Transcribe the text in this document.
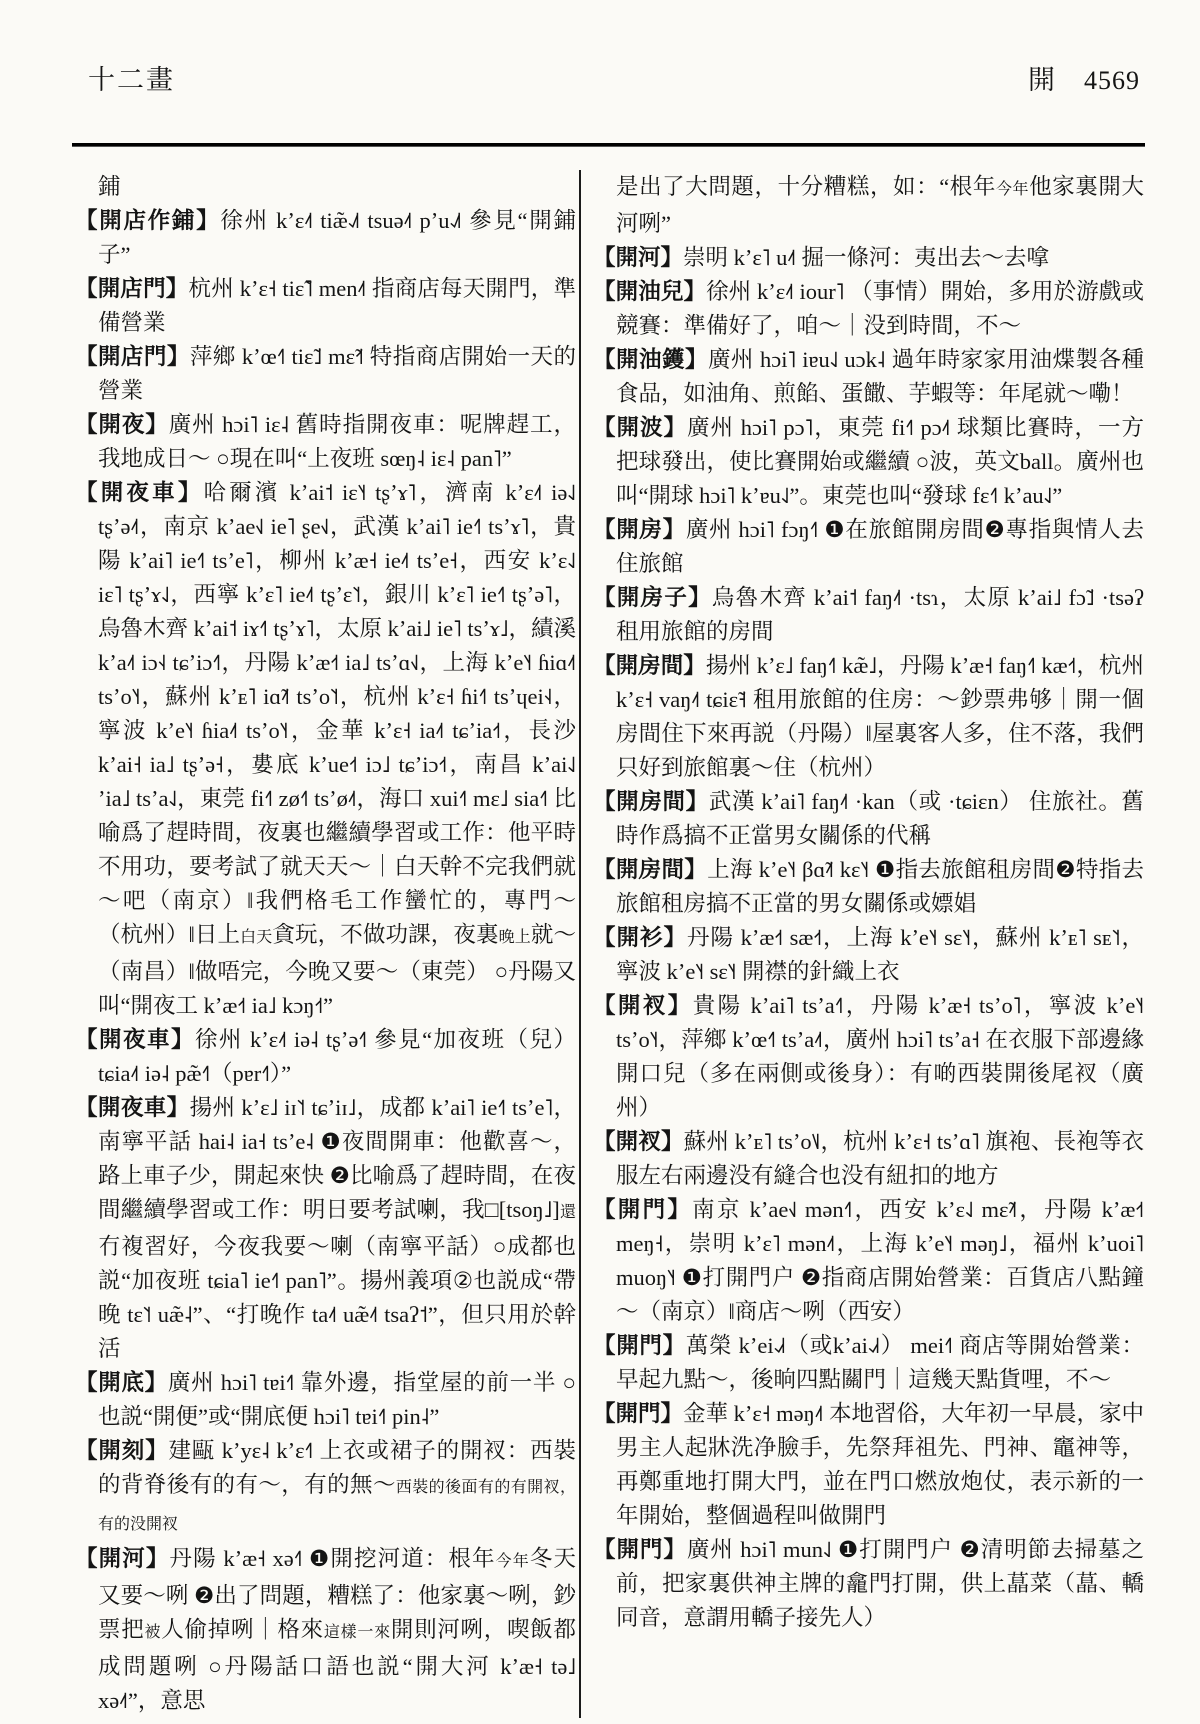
十二畫	開 4569

鋪

【開店作鋪】徐州 kʼɛ˨˦ tiæ̃˨˩˦ tsuə˨˦ pʼu˨˩˦ 參見“開鋪子”

【開店門】杭州 kʼɛ˧ tiɛ̃˥ men˨˦ 指商店每天開門，準備營業

【開店門】萍鄉 kʼœ˧˥ tiɛ̃˩ mɛ̃˧˦ 特指商店開始一天的營業

【開夜】廣州 hɔi˥ iɛ˨ 舊時指開夜車：呢牌趕工，我地成日～ ○現在叫“上夜班 sœŋ˨ iɛ˨ pan˥”

【開夜車】哈爾濱 kʼai˦ iɛ˥˧ tʂʼɤ˥，濟南 kʼɛ˨˦ iə˨˩ tʂʼə˨˦，南京 kʼae˧˩ ie˥ ʂe˧˩，武漢 kʼai˥ ie˧˥ tsʼɤ˥，貴陽 kʼai˥ ie˧˥ tsʼe˥，柳州 kʼæ˧ ie˨˦ tsʼe˧，西安 kʼɛ˨˩ iɛ˥ tʂʼɤ˨˩，西寧 kʼɛ˥ ie˨˦ tʂʼɛ˥˦，銀川 kʼɛ˥ ie˧˥ tʂʼə˥，烏魯木齊 kʼai˦ iɤ˧˥ tʂʼɤ˥，太原 kʼai˩ ie˥ tsʼɤ˩，績溪 kʼa˨˦ iɔ˧˨ tɕʼiɔ˧˥，丹陽 kʼæ˧˦ ia˩ tsʼɑ˧˩，上海 kʼe˥˧ ɦiɑ˨˦ tsʼo˥˧，蘇州 kʼᴇ˥ iɑ̃˨˦ tsʼo˥˦，杭州 kʼɛ˧ ɦi˧˥ tsʼɥei˧˨，寧波 kʼe˥˧ ɦia˨˦ tsʼo˥˧，金華 kʼɛ˧ ia˨˦ tɕʼia˧˦，長沙 kʼai˧ ia˩ tʂʼə˧，婁底 kʼue˧˦ iɔ˩ tɕʼiɔ˧˦，南昌 kʼai˨˩ ʼia˩ tsʼa˨˩，東莞 fi˧˥ zø˧˥ tsʼø˨˦，海口 xui˧˥ mɛ˩ sia˧˥ 比喻爲了趕時間，夜裏也繼續學習或工作：他平時不用功，要考試了就天天～｜白天幹不完我們就～吧（南京）‖我們格毛工作蠻忙的，專門～（杭州）‖日上白天貪玩，不做功課，夜裏晚上就～（南昌）‖做唔完，今晚又要～（東莞） ○丹陽又叫“開夜工 kʼæ˧˦ ia˩ kɔŋ˧˦”

【開夜車】徐州 kʼɛ˨˦ iə˨ tʂʼə˧˥ 參見“加夜班（兒）tɕia˨˦ iə˨ pæ̃˧˥（pɐr˧˥）”

【開夜車】揚州 kʼɛ˩ iɪ˥˦ tɕʼiɪ˩，成都 kʼai˥ ie˧˥ tsʼe˥，南寧平話 hai˨ ia˧ tsʼe˨ ❶夜間開車：他歡喜～，路上車子少，開起來快 ❷比喻爲了趕時間，在夜間繼續學習或工作：明日要考試喇，我□[tsoŋ˩]還冇複習好，今夜我要～喇（南寧平話）○成都也説“加夜班 tɕia˥ ie˧˥ pan˥”。揚州義項②也説成“帶晚 tɛ˥˦ uæ̃˨”、“打晚作 ta˨˦ uæ̃˨˦ tsaʔ˦”，但只用於幹活

【開底】廣州 hɔi˥ tɐi˧˥ 靠外邊，指堂屋的前一半 ○也説“開便”或“開底便 hɔi˥ tɐi˧˥ pin˨”

【開刻】建甌 kʼyɛ˨ kʼɛ˧˥ 上衣或裙子的開衩：西裝的背脊後有的有～，有的無～西裝的後面有的有開衩，有的没開衩

【開河】丹陽 kʼæ˧ xə˧˥ ❶開挖河道：根年今年冬天又要～咧 ❷出了問題，糟糕了：他家裏～咧，鈔票把被人偷掉咧｜格來這樣一來開則河咧，喫飯都成問題咧 ○丹陽話口語也説“開大河 kʼæ˧ tə˩ xə˨˦”，意思

是出了大問題，十分糟糕，如：“根年今年他家裏開大河咧”

【開河】崇明 kʼɛ˥ u˨˦ 掘一條河：夷出去～去嗱

【開油兒】徐州 kʼɛ˨˦ iour˥ （事情）開始，多用於游戲或競賽：準備好了，咱～｜没到時間，不～

【開油鑊】廣州 hɔi˥ iɐu˨˩ uɔk˨ 過年時家家用油煠製各種食品，如油角、煎餡、蛋饊、芋蝦等：年尾就～嘞！

【開波】廣州 hɔi˥ pɔ˥，東莞 fi˧˥ pɔ˨˦ 球類比賽時，一方把球發出，使比賽開始或繼續 ○波，英文ball。廣州也叫“開球 hɔi˥ kʼɐu˨˩”。東莞也叫“發球 fɛ˧˥ kʼau˨˩”

【開房】廣州 hɔi˥ fɔŋ˧˥ ❶在旅館開房間❷專指與情人去住旅館

【開房子】烏魯木齊 kʼai˦ faŋ˨˦ ·tsɿ，太原 kʼai˩ fɔ̃˩ ·tsəʔ 租用旅館的房間

【開房間】揚州 kʼɛ˩ faŋ˧˥ kæ̃˩，丹陽 kʼæ˧ faŋ˧˥ kæ˧˦，杭州 kʼɛ˧ vaŋ˨˦ tɕiɛ̃˧ 租用旅館的住房：～鈔票弗够｜開一個房間住下來再説（丹陽）‖屋裏客人多，住不落，我們只好到旅館裏～住（杭州）

【開房間】武漢 kʼai˥ faŋ˨˦ ·kan（或 ·tɕiɛn） 住旅社。舊時作爲搞不正當男女關係的代稱

【開房間】上海 kʼe˥˧ βɑ̃˨˦ kɛ˥˧ ❶指去旅館租房間❷特指去旅館租房搞不正當的男女關係或嫖娼

【開衫】丹陽 kʼæ˧˦ sæ˧˦，上海 kʼe˥˧ sɛ˥˧，蘇州 kʼᴇ˥ sᴇ˥˦，寧波 kʼe˥˧ sɛ˥˧ 開襟的針織上衣

【開衩】貴陽 kʼai˥ tsʼa˧˥，丹陽 kʼæ˧ tsʼo˥，寧波 kʼe˥˧ tsʼo˥˧，萍鄉 kʼœ˧˥ tsʼa˨˦，廣州 hɔi˥ tsʼa˧ 在衣服下部邊緣開口兒（多在兩側或後身）：有啲西裝開後尾衩（廣州）

【開衩】蘇州 kʼᴇ˥ tsʼo˥˩，杭州 kʼɛ˧ tsʼɑ˥ 旗袍、長袍等衣服左右兩邊没有縫合也没有紐扣的地方

【開門】南京 kʼae˧˩ mən˧˥，西安 kʼɛ˨˩ mɛ̃˨˦，丹陽 kʼæ˧˦ meŋ˧，崇明 kʼɛ˥ mən˨˦，上海 kʼe˥˧ məŋ˩，福州 kʼuoi˥ muoŋ˥˧ ❶打開門户 ❷指商店開始營業：百貨店八點鐘～（南京）‖商店～咧（西安）

【開門】萬榮 kʼei˨˩˧（或kʼai˨˩˧） mei˧˥ 商店等開始營業：早起九點～，後晌四點關門｜這幾天點貨哩，不～

【開門】金華 kʼɛ˧ məŋ˨˦ 本地習俗，大年初一早晨，家中男主人起牀洗净臉手，先祭拜祖先、門神、竈神等，再鄭重地打開大門，並在門口燃放炮仗，表示新的一年開始，整個過程叫做開門

【開門】廣州 hɔi˥ mun˨˩ ❶打開門户 ❷清明節去掃墓之前，把家裏供神主牌的龕門打開，供上蕌菜（蕌、轎同音，意謂用轎子接先人）
